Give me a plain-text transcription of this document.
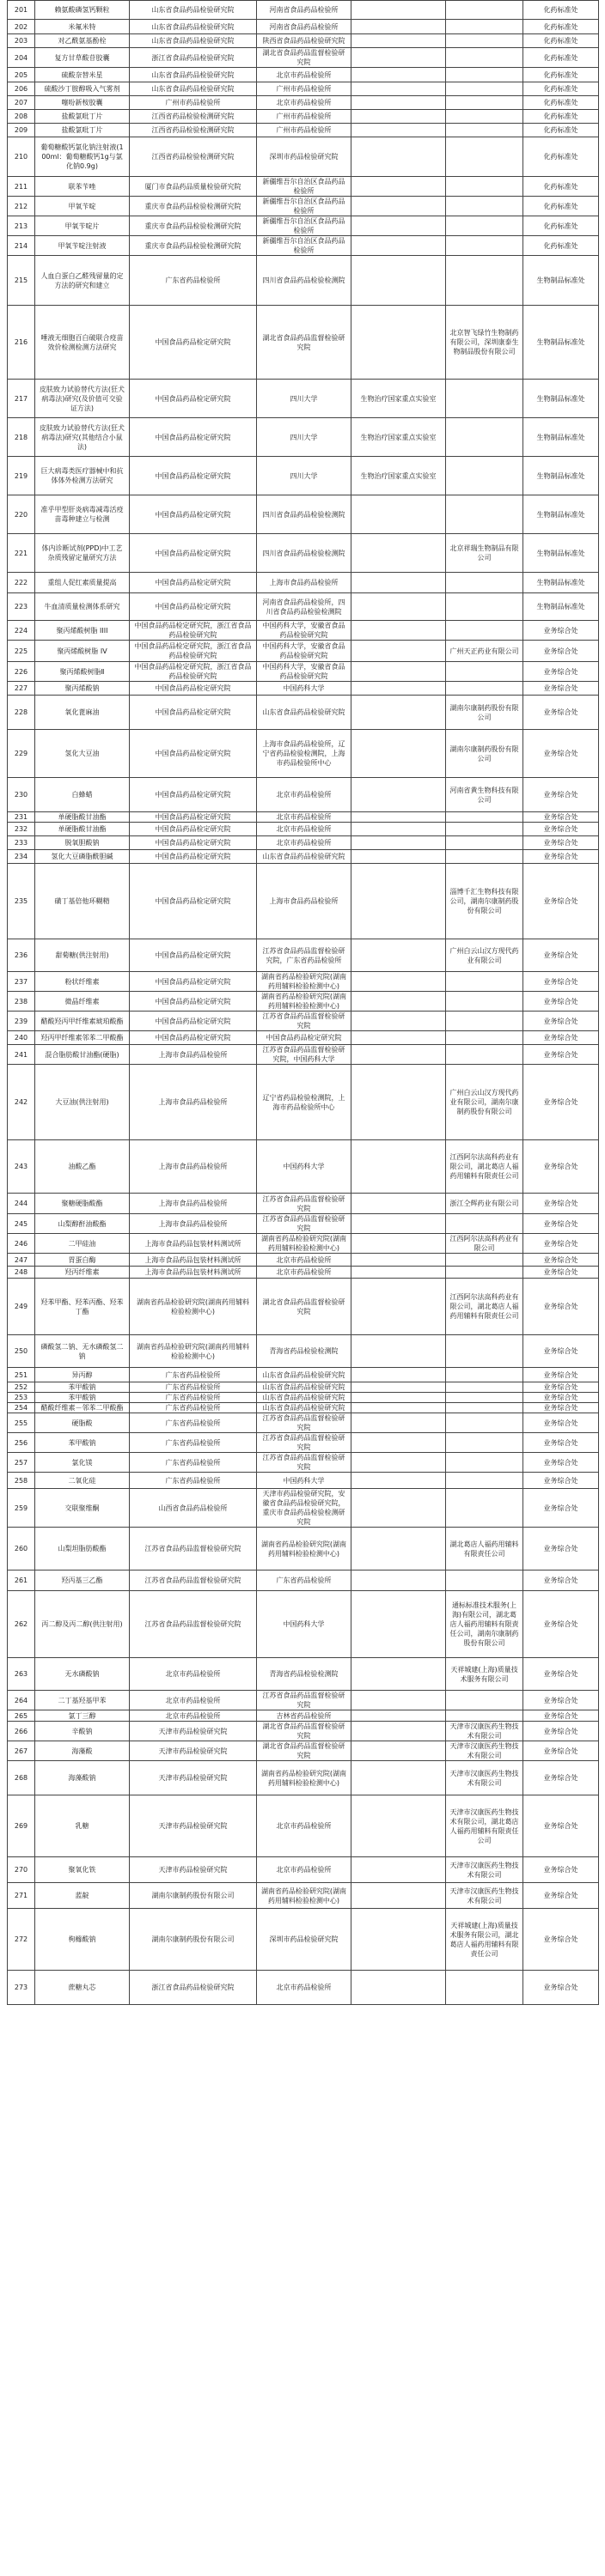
201	赖氨酸磷氢钙颗粒	山东省食品药品检验研究院	河南省食品药品检验所			化药标准处
202	米氟米特	山东省食品药品检验研究院	河南省食品药品检验所			化药标准处
203	对乙酰氨基酚栓	山东省食品药品检验研究院	陕西省食品药品检验研究院			化药标准处
204	复方甘草酸苷胶囊	浙江省食品药品检验研究院	湖北省食品药品监督检验研究院			化药标准处
205	硫酸奈替米星	山东省食品药品检验研究院	北京市药品检验所			化药标准处
206	硫酸沙丁胺醇吸入气雾剂	山东省食品药品检验研究院	广州市药品检验所			化药标准处
207	噻吩新桉胶囊	广州市药品检验所	北京市药品检验所			化药标准处
208	盐酸氯吡丁片	江西省药品检验检测研究院	广州市药品检验所			化药标准处
209	盐酸氯吡丁片	江西省药品检验检测研究院	广州市药品检验所			化药标准处
210	葡萄糖酸钙氯化钠注射液(100ml：葡萄糖酸钙1g与氯化钠0.9g)	江西省药品检验检测研究院	深圳市药品检验研究院			化药标准处
211	联苯苄唑	厦门市食品药品质量检验研究院	新疆维吾尔自治区食品药品检验所			化药标准处
212	甲氧苄啶	重庆市食品药品检验检测研究院	新疆维吾尔自治区食品药品检验所			化药标准处
213	甲氧苄啶片	重庆市食品药品检验检测研究院	新疆维吾尔自治区食品药品检验所			化药标准处
214	甲氧苄啶注射液	重庆市食品药品检验检测研究院	新疆维吾尔自治区食品药品检验所			化药标准处
215	人血白蛋白乙醛残留量的定方法的研究和建立	广东省药品检验所	四川省食品药品检验检测院			生物制品标准处
216	唾液无细胞百白破联合疫苗效价检测检测方法研究	中国食品药品检定研究院	湖北省食品药品监督检验研究院		北京智飞绿竹生物制药有限公司，深圳康泰生物制品股份有限公司	生物制品标准处
217	皮肤致力试验替代方法(狂犬病毒法)研究(及价值可交验证方法)	中国食品药品检定研究院	四川大学	生物治疗国家重点实验室		生物制品标准处
218	皮肤致力试验替代方法(狂犬病毒法)研究(其他结合小鼠法)	中国食品药品检定研究院	四川大学	生物治疗国家重点实验室		生物制品标准处
219	巨大病毒类医疗器械中和抗体体外检测方法研究	中国食品药品检定研究院	四川大学	生物治疗国家重点实验室		生物制品标准处
220	准乎甲型肝炎病毒减毒活疫苗毒种建立与检测	中国食品药品检定研究院	四川省食品药品检验检测院			生物制品标准处
221	体内诊断试剂(PPD)中工艺杂质残留定量研究方法	中国食品药品检定研究院	四川省食品药品检验检测院		北京祥瑞生物制品有限公司	生物制品标准处
222	重组人促红素质量提高	中国食品药品检定研究院	上海市食品药品检验所			生物制品标准处
223	牛血清质量检测体系研究	中国食品药品检定研究院	河南省食品药品检验所，四川省食品药品检验检测院			生物制品标准处
224	聚丙烯酸树脂 IIII	中国食品药品检定研究院，浙江省食品药品检验研究院	中国药科大学，安徽省食品药品检验研究院			业务综合处
225	聚丙烯酸树脂 IV	中国食品药品检定研究院，浙江省食品药品检验研究院	中国药科大学，安徽省食品药品检验研究院		广州天正药业有限公司	业务综合处
226	聚丙烯酸树脂Ⅱ	中国食品药品检定研究院，浙江省食品药品检验研究院	中国药科大学，安徽省食品药品检验研究院			业务综合处
227	聚丙烯酸钠	中国食品药品检定研究院	中国药科大学			业务综合处
228	氧化蓖麻油	中国食品药品检定研究院	山东省食品药品检验研究院		湖南尔康制药股份有限公司	业务综合处
229	氢化大豆油	中国食品药品检定研究院	上海市食品药品检验所，辽宁省药品检验检测院，上海市药品检验所中心		湖南尔康制药股份有限公司	业务综合处
230	白蜂蜡	中国食品药品检定研究院	北京市药品检验所		河南省黄生物科技有限公司	业务综合处
231	单硬脂酸甘油酯	中国食品药品检定研究院	北京市药品检验所			业务综合处
232	单硬脂酸甘油酯	中国食品药品检定研究院	北京市药品检验所			业务综合处
233	脱氧胆酸钠	中国食品药品检定研究院	北京市药品检验所			业务综合处
234	氢化大豆磷脂酰胆碱	中国食品药品检定研究院	山东省食品药品检验研究院			业务综合处
235	磺丁基倍他环糊精	中国食品药品检定研究院	上海市食品药品检验所		淄博千汇生物科技有限公司，湖南尔康制药股份有限公司	业务综合处
236	甜菊糖(供注射用)	中国食品药品检定研究院	江苏省食品药品监督检验研究院，广东省药品检验所		广州白云山汉方现代药业有限公司	业务综合处
237	粉状纤维素	中国食品药品检定研究院	湖南省药品检验研究院(湖南药用辅料检验检测中心)			业务综合处
238	微晶纤维素	中国食品药品检定研究院	湖南省药品检验研究院(湖南药用辅料检验检测中心)			业务综合处
239	醋酸羟丙甲纤维素琥珀酸酯	中国食品药品检定研究院	江苏省食品药品监督检验研究院			业务综合处
240	羟丙甲纤维素邻苯二甲酸酯	中国食品药品检定研究院	中国食品药品检定研究院			业务综合处
241	混合脂肪酸甘油酯(硬脂)	上海市食品药品检验所	江苏省食品药品监督检验研究院，中国药科大学			业务综合处
242	大豆油(供注射用)	上海市食品药品检验所	辽宁省药品检验检测院，上海市药品检验所中心		广州白云山汉方现代药业有限公司，湖南尔康制药股份有限公司	业务综合处
243	油酸乙酯	上海市食品药品检验所	中国药科大学		江西阿尔法高科药业有限公司，湖北葛店人福药用辅料有限责任公司	业务综合处
244	聚糖硬脂酸酯	上海市食品药品检验所	江苏省食品药品监督检验研究院		浙江仝辉药业有限公司	业务综合处
245	山梨醇酐油酸酯	上海市食品药品检验所	江苏省食品药品监督检验研究院			业务综合处
246	二甲硅油	上海市食品药品包装材料测试所	湖南省药品检验研究院(湖南药用辅料检验检测中心)		江西阿尔法高科药业有限公司	业务综合处
247	胃蛋白酶	上海市食品药品包装材料测试所	北京市药品检验所			业务综合处
248	羟丙纤维素	上海市食品药品包装材料测试所	北京市药品检验所			业务综合处
249	羟苯甲酯、羟苯丙酯、羟苯丁酯	湖南省药品检验研究院(湖南药用辅料检验检测中心)	湖北省食品药品监督检验研究院		江西阿尔法高科药业有限公司，湖北葛店人福药用辅料有限责任公司	业务综合处
250	磷酸氢二钠、无水磷酸氢二钠	湖南省药品检验研究院(湖南药用辅料检验检测中心)	青海省药品检验检测院			业务综合处
251	异丙醇	广东省药品检验所	山东省食品药品检验研究院			业务综合处
252	苯甲酸钠	广东省药品检验所	山东省食品药品检验研究院			业务综合处
253	苯甲酸钠	广东省药品检验所	山东省食品药品检验研究院			业务综合处
254	醋酸纤维素－邻苯二甲酸酯	广东省药品检验所	山东省食品药品检验研究院			业务综合处
255	硬脂酸	广东省药品检验所	江苏省食品药品监督检验研究院			业务综合处
256	苯甲酸钠	广东省药品检验所	江苏省食品药品监督检验研究院			业务综合处
257	氯化镁	广东省药品检验所	江苏省食品药品监督检验研究院			业务综合处
258	二氧化硅	广东省药品检验所	中国药科大学			业务综合处
259	交联聚维酮	山西省食品药品检验所	天津市药品检验研究院，安徽省食品药品检验研究院，重庆市食品药品检验检测研究院			业务综合处
260	山梨坦脂肪酸酯	江苏省食品药品监督检验研究院	湖南省药品检验研究院(湖南药用辅料检验检测中心)		湖北葛店人福药用辅料有限责任公司	业务综合处
261	羟丙基三乙酯	江苏省食品药品监督检验研究院	广东省药品检验所			业务综合处
262	丙二醇及丙二醇(供注射用)	江苏省食品药品监督检验研究院	中国药科大学		通标标准技术服务(上海)有限公司，湖北葛店人福药用辅料有限责任公司，湖南尔康制药股份有限公司	业务综合处
263	无水磷酸钠	北京市药品检验所	青海省药品检验检测院		天祥城建(上海)质量技术服务有限公司	业务综合处
264	二丁基羟基甲苯	北京市药品检验所	江苏省食品药品监督检验研究院			业务综合处
265	氯丁三醇	北京市药品检验所	吉林省药品检验所			业务综合处
266	辛酸钠	天津市药品检验研究院	湖北省食品药品监督检验研究院		天津市汉康医药生物技术有限公司	业务综合处
267	海藻酸	天津市药品检验研究院	湖北省食品药品监督检验研究院		天津市汉康医药生物技术有限公司	业务综合处
268	海藻酸钠	天津市药品检验研究院	湖南省药品检验研究院(湖南药用辅料检验检测中心)		天津市汉康医药生物技术有限公司	业务综合处
269	乳糖	天津市药品检验研究院	北京市药品检验所		天津市汉康医药生物技术有限公司，湖北葛店人福药用辅料有限责任公司	业务综合处
270	聚氧化铁	天津市药品检验研究院	北京市药品检验所		天津市汉康医药生物技术有限公司	业务综合处
271	蓝靛	湖南尔康制药股份有限公司	湖南省药品检验研究院(湖南药用辅料检验检测中心)		天津市汉康医药生物技术有限公司	业务综合处
272	枸橼酸钠	湖南尔康制药股份有限公司	深圳市药品检验研究院		天祥城建(上海)质量技术服务有限公司，湖北葛店人福药用辅料有限责任公司	业务综合处
273	蔗糖丸芯	浙江省食品药品检验研究院	北京市药品检验所			业务综合处
